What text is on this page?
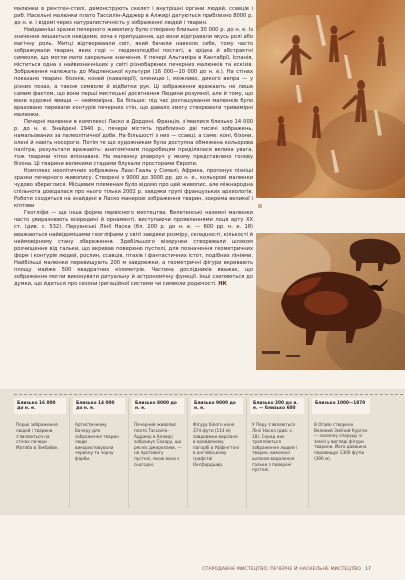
малюнки в рентген-стилі, демонструють скелет і внутрішні органи людей, ссавців і риб. Насельні малюнки плато Тассилін-Адджер в Алжирі датуються приблизно 8000 р. до н. е. і відомі через натуралистичність у зображенні людей і тварин.

Найдавніші зразки печерного живопису було створено близько 30 000 р. до н. е. Із значення лишається невідоми, хоча є припущення, що вони відігравали якусь ролі або магічну роль. Митці відтворювали світ, який бачили навколо себе, тому часто зображували тварин, яких годі — людиноподібні постаті, а зрідка й абстрактні символи, що могли мати сакральне значення. У печері Альтаміра в Кантабрії, Іспанія, міститься одна з найвизначніших у світі різнобарвних печерних малюнків та ескізів. Зображення належать до Мадленської культури (16 000—10 000 до н. е.). На стінах показано тварин: бізонів, коней (кавалерії), оленицю і, можливо, дикого вепра — у різних позах, а також символи й відбитки рук. Ці зображення вражають не лише самим фактом, що вони перші мистецькі досягнення Людини розумної, але й тому, що вони художні явища — неймовірна. Ба більше: під час розташування малюнків було враховано перевали контурів печерних стін, що давало змогу створювати тривимірні малюнки.

Печерні малюнки в комплексі Ласко в Дордоні, Франція, з'явилися близько 14 000 р. до н. е. Знайдені 1940 р., печери містять приблизно дві тисячі зображень, намальованих за палеолітичної доби. На більшості з них — ссавці, а саме: коні, бізони, олені й навіть носороги. Потім те що художникам була доступна обмежена кольорова палітра, результати вражають: анатомічним подробицям приділялася велика увага, тож тварини чітко впізнавані. На малюнку praвpоуч у якому представлено голову бізона. Ці тварини великими стадами блукали просторами Європи.

Комплекс неолітичних зображень Лаас-Гааль у Сомалі, Африка, пропонує пізніші зразки печерного живопису. Створені з 9000 до 3000 рр. до н. е., кольорові малюнки чудово збереглися. Місцевим племенам було відомо про цей живопис, але міжнародна спільнота довідалася про нього тільки 2002 р. завдяки групі французьких археологів. Роботи сходяться на знайдені в Ласко манерою зображення тварин, зокрема великої і кіптяви

Геогліфи — ще інша форма первісного мистецтва. Велетенські наземні малюнки часто увиразнюють всередині й орнаменті, виступаючи проявленнями лоця арту ХХ ст. (див. с. 532). Перуанські Лінії Наска (бл. 200 р. до н. е. — 600 рр. н. е. 18) вважаються найвідомішими геогліфами у світі завдяки розміру, складності, кількості й неймовірному стану збереження. Здебільшого візерунки створювали шляхом розчищення від гальки, що вкривав поверхню пустелі, для позначення геометричних форм і контурів людей, рослин, ссавців, птахів і фантастичних істот, подібних лініями. Найбільші малюнки перевищують 200 м завдовжки, а геометричні фігури вкривають площу майже 500 квадратних кілометрів. Частина дослідників вважає, що зображення могли виконувати ритуальну й астрономічну функції. Інші схиляються до думки, що йдеться про сезони іригаційної системи чи символи родючості. НК

Близько 16 000 до н. е.
Перші зображення людей і тварини з'являються на стінах печери Матобо в Зімбабве.
Близько 14 000 до н. е.
Артистичному Бачеру для зображення тварин люди використовували червону та чорну фарби.
Близько 8000 до н. е.
Печерний живопис плато Тассилін-Адджер в Алжирі зображує Сахару, що рясніє джерелами, — на противагу пустелі, якою вона є сьогодні.
Близько 9000 до н. е.
Фігуру білого коня 374 фути (114 м) завдовжки вирізано в крейдяному пагорбі в Уффінгтоні в англійському графстві Оксфордшир.
Близько 200 до н. е. — близько 600
У Перу з'являються Лінії Наска (див. с. 18). Серед них трапляються зображення людей і тварин, виконані шляхом видалення гальки з поверхні пустелі.
Близько 1000—1870
В Огайо створено Великий Зміїний Курган — насипну споруду зі землі у вигляді фігури тварини. Його довжина перевищує 1300 футів (396 м).
СТАРОДАВНЄ МИСТЕЦТВО, ПЕЧЕРНЕ Й НАСКЕЛЬНЕ МИСТЕЦТВО 17
